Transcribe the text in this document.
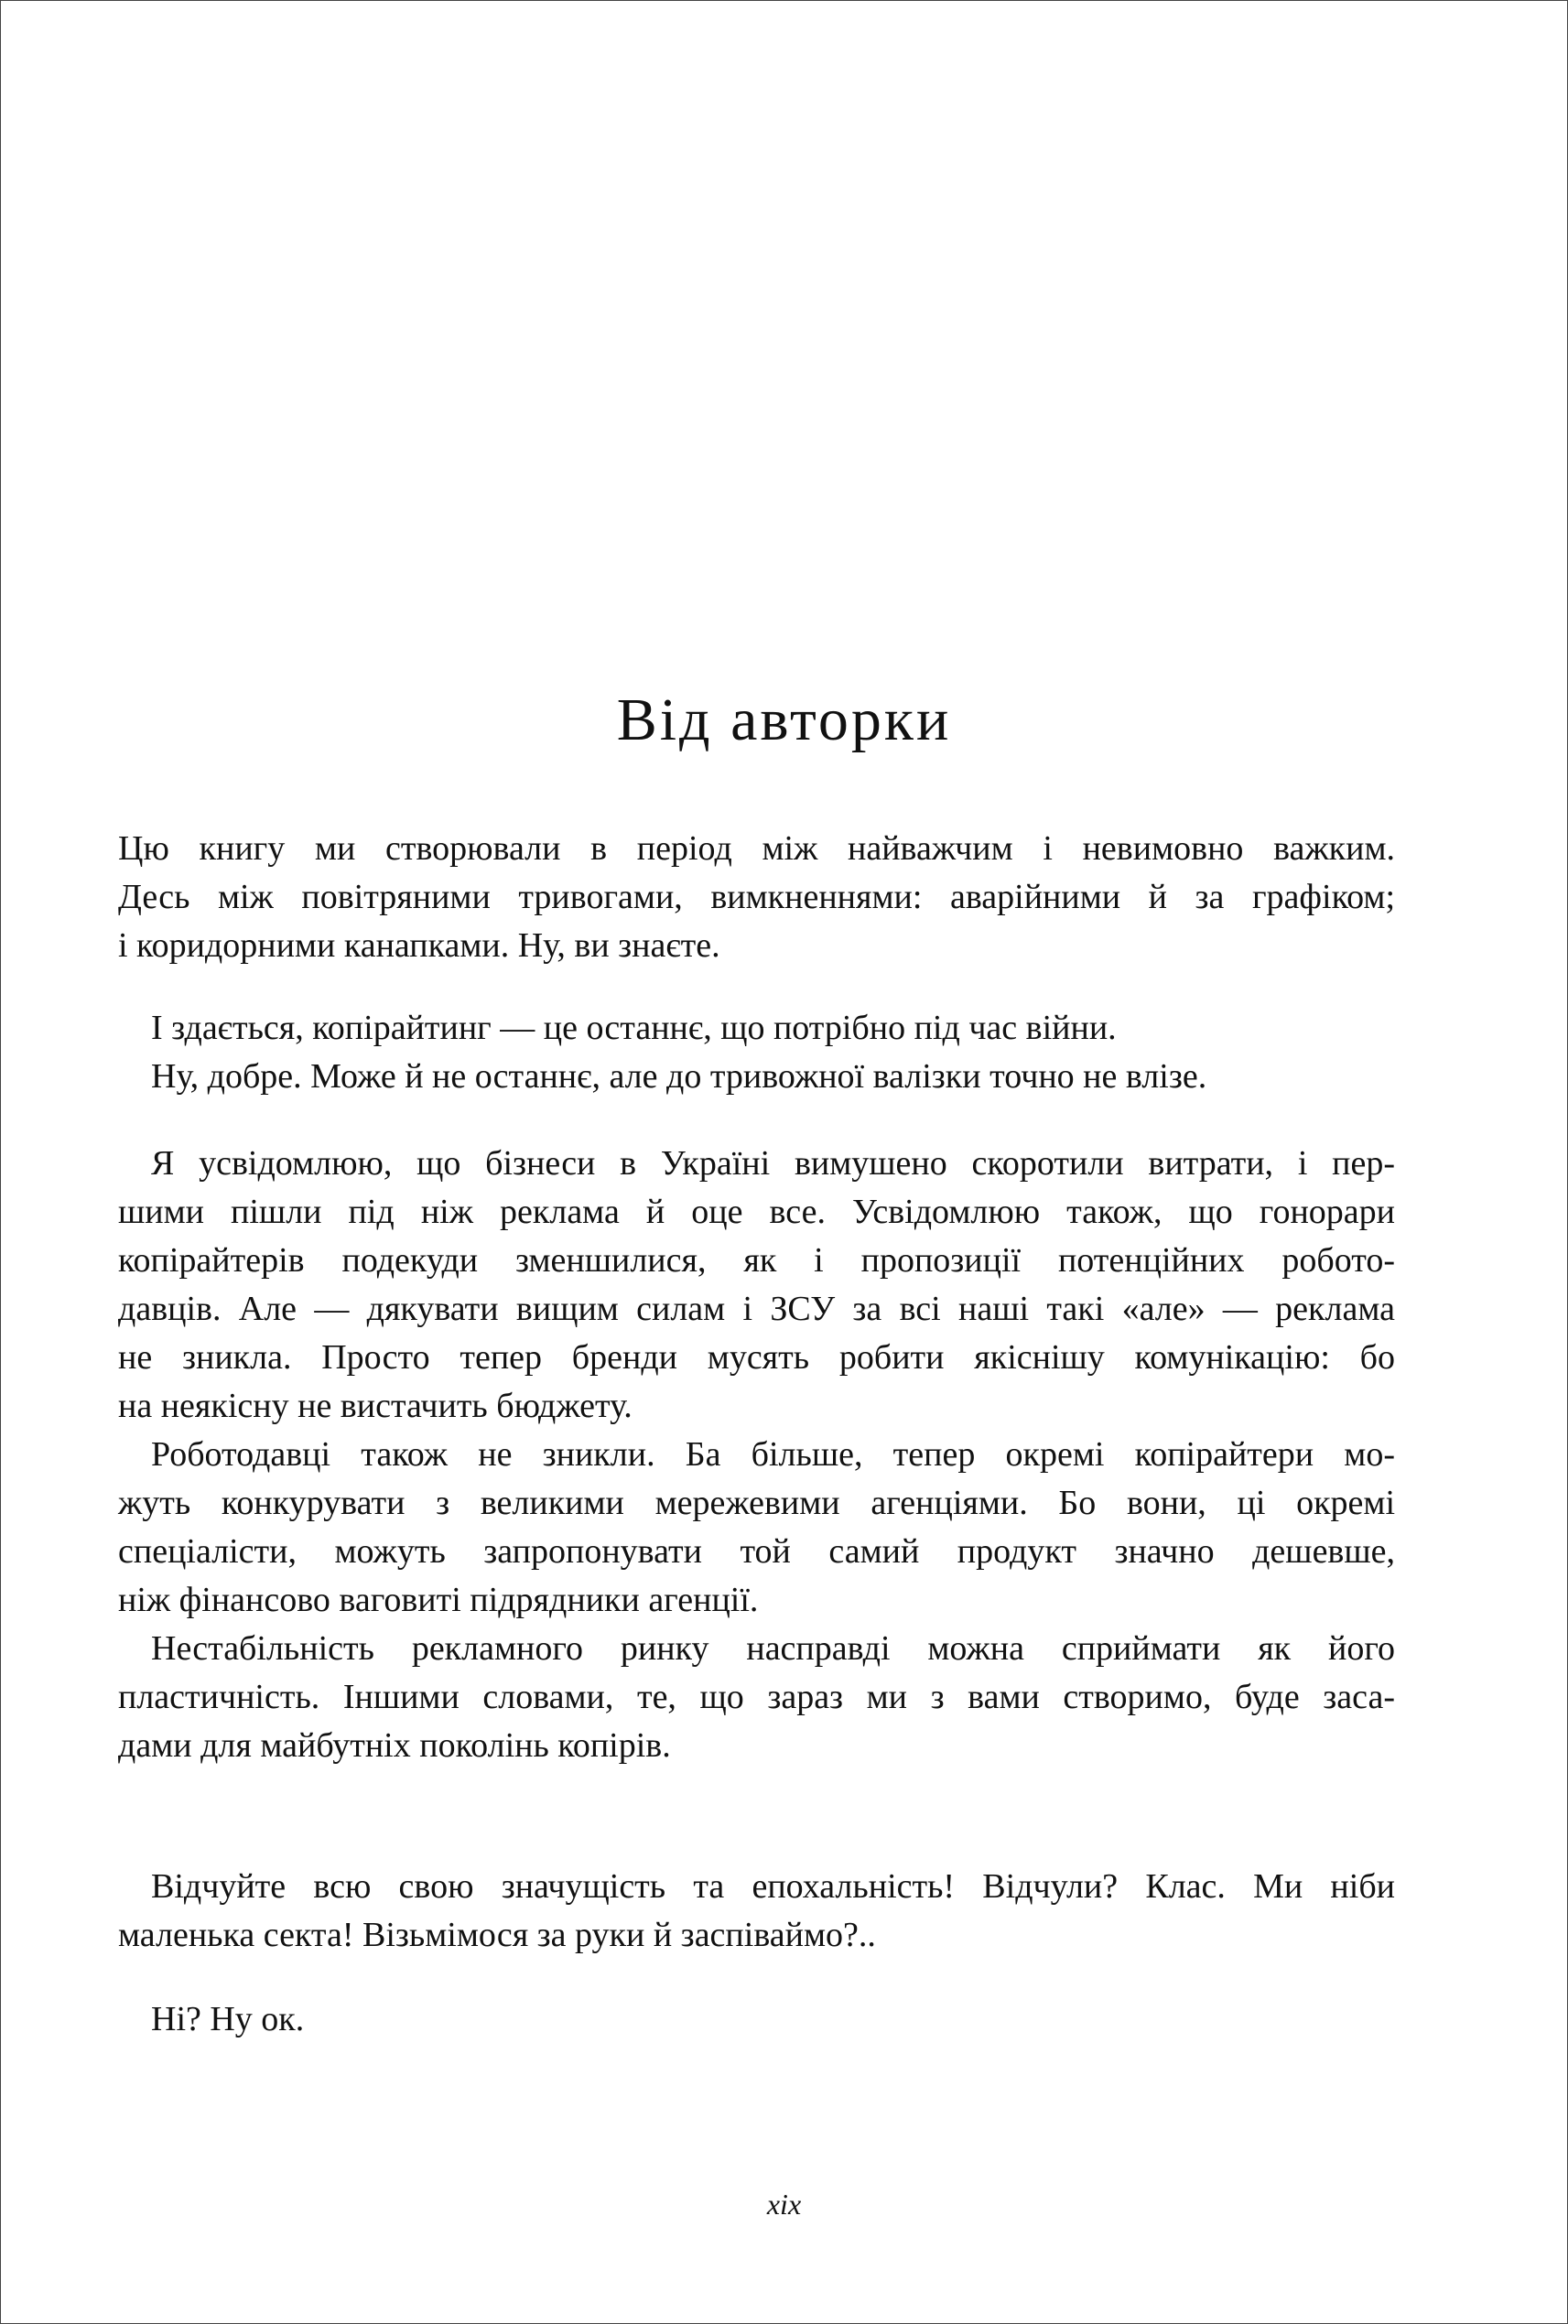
Від авторки
Цю книгу ми створювали в період між найважчим і невимовно важким.
Десь між повітряними тривогами, вимкненнями: аварійними й за графіком;
і коридорними канапками. Ну, ви знаєте.
І здається, копірайтинг — це останнє, що потрібно під час війни.
Ну, добре. Може й не останнє, але до тривожної валізки точно не влізе.
Я усвідомлюю, що бізнеси в Україні вимушено скоротили витрати, і пер-
шими пішли під ніж реклама й оце все. Усвідомлюю також, що гонорари
копірайтерів подекуди зменшилися, як і пропозиції потенційних робото-
давців. Але — дякувати вищим силам і ЗСУ за всі наші такі «але» — реклама
не зникла. Просто тепер бренди мусять робити якіснішу комунікацію: бо
на неякісну не вистачить бюджету.
Роботодавці також не зникли. Ба більше, тепер окремі копірайтери мо-
жуть конкурувати з великими мережевими агенціями. Бо вони, ці окремі
спеціалісти, можуть запропонувати той самий продукт значно дешевше,
ніж фінансово ваговиті підрядники агенції.
Нестабільність рекламного ринку насправді можна сприймати як його
пластичність. Іншими словами, те, що зараз ми з вами створимо, буде заса-
дами для майбутніх поколінь копірів.
Відчуйте всю свою значущість та епохальність! Відчули? Клас. Ми ніби
маленька секта! Візьмімося за руки й заспіваймо?..
Ні? Ну ок.
xix
